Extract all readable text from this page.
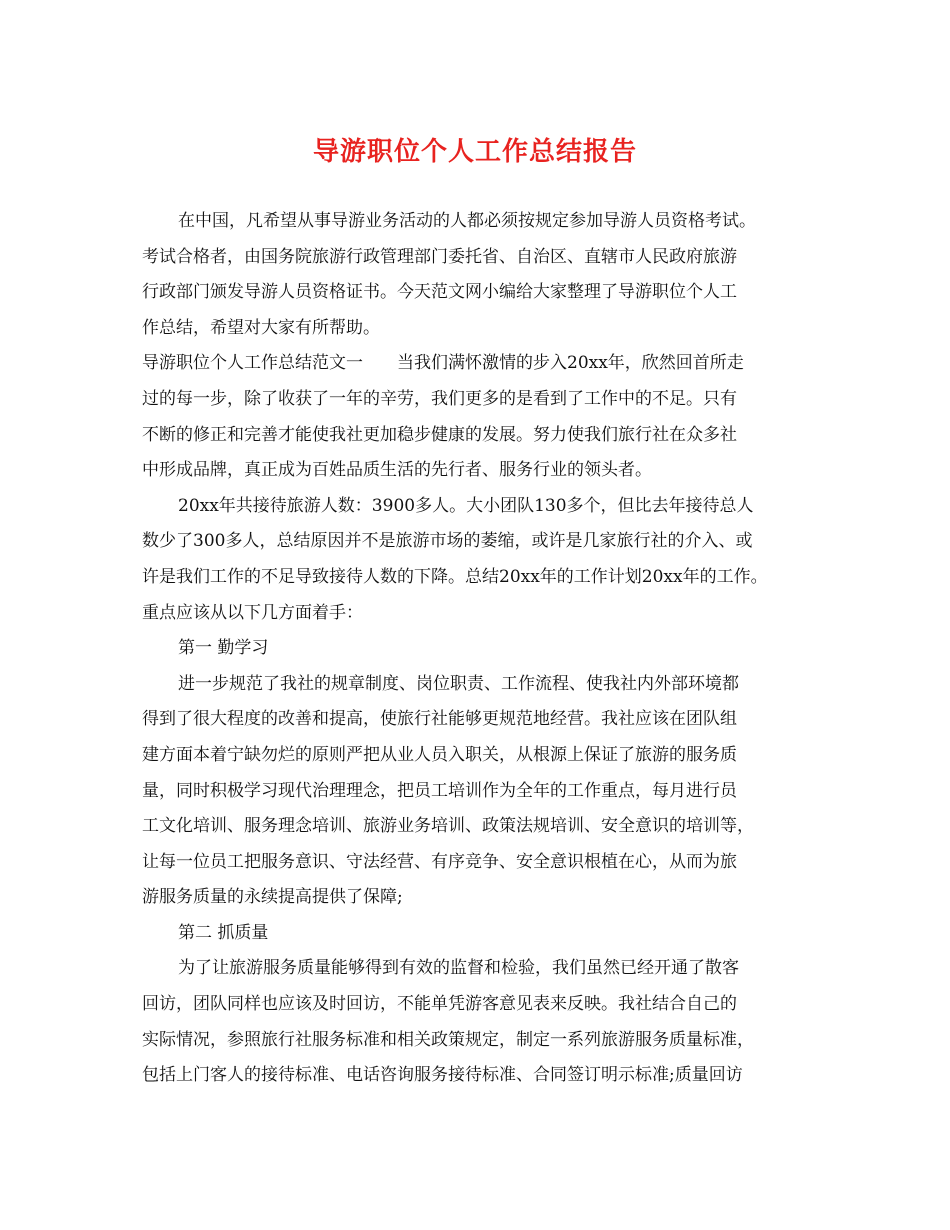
导游职位个人工作总结报告
在中国，凡希望从事导游业务活动的人都必须按规定参加导游人员资格考试。
考试合格者，由国务院旅游行政管理部门委托省、自治区、直辖市人民政府旅游
行政部门颁发导游人员资格证书。今天范文网小编给大家整理了导游职位个人工
作总结，希望对大家有所帮助。
导游职位个人工作总结范文一　　当我们满怀激情的步入20xx年，欣然回首所走
过的每一步，除了收获了一年的辛劳，我们更多的是看到了工作中的不足。只有
不断的修正和完善才能使我社更加稳步健康的发展。努力使我们旅行社在众多社
中形成品牌，真正成为百姓品质生活的先行者、服务行业的领头者。
20xx年共接待旅游人数：3900多人。大小团队130多个，但比去年接待总人
数少了300多人，总结原因并不是旅游市场的萎缩，或许是几家旅行社的介入、或
许是我们工作的不足导致接待人数的下降。总结20xx年的工作计划20xx年的工作。
重点应该从以下几方面着手：
第一 勤学习
进一步规范了我社的规章制度、岗位职责、工作流程、使我社内外部环境都
得到了很大程度的改善和提高，使旅行社能够更规范地经营。我社应该在团队组
建方面本着宁缺勿烂的原则严把从业人员入职关，从根源上保证了旅游的服务质
量，同时积极学习现代治理理念，把员工培训作为全年的工作重点，每月进行员
工文化培训、服务理念培训、旅游业务培训、政策法规培训、安全意识的培训等，
让每一位员工把服务意识、守法经营、有序竞争、安全意识根植在心，从而为旅
游服务质量的永续提高提供了保障;
第二 抓质量
为了让旅游服务质量能够得到有效的监督和检验，我们虽然已经开通了散客
回访，团队同样也应该及时回访，不能单凭游客意见表来反映。我社结合自己的
实际情况，参照旅行社服务标准和相关政策规定，制定一系列旅游服务质量标准，
包括上门客人的接待标准、电话咨询服务接待标准、合同签订明示标准;质量回访
